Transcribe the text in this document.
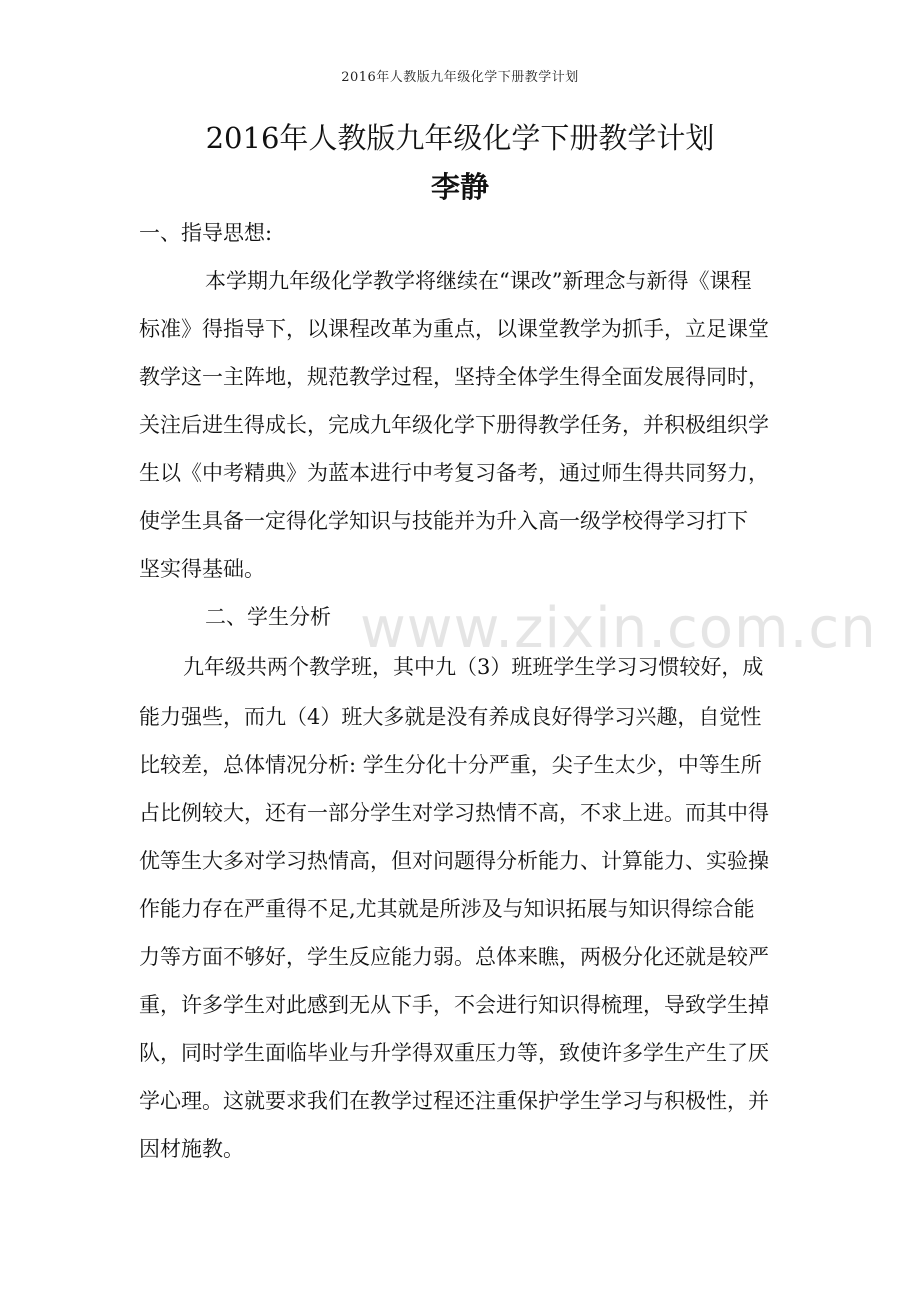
2016年人教版九年级化学下册教学计划
2016年人教版九年级化学下册教学计划
李静
一、指导思想:
本学期九年级化学教学将继续在“课改”新理念与新得《课程
标准》得指导下，以课程改革为重点，以课堂教学为抓手，立足课堂
教学这一主阵地，规范教学过程，坚持全体学生得全面发展得同时，
关注后进生得成长，完成九年级化学下册得教学任务，并积极组织学
生以《中考精典》为蓝本进行中考复习备考，通过师生得共同努力，
使学生具备一定得化学知识与技能并为升入高一级学校得学习打下
坚实得基础。
二、学生分析
九年级共两个教学班，其中九（3）班班学生学习习惯较好，成
能力强些，而九（4）班大多就是没有养成良好得学习兴趣，自觉性
比较差，总体情况分析: 学生分化十分严重，尖子生太少，中等生所
占比例较大，还有一部分学生对学习热情不高，不求上进。而其中得
优等生大多对学习热情高，但对问题得分析能力、计算能力、实验操
作能力存在严重得不足,尤其就是所涉及与知识拓展与知识得综合能
力等方面不够好，学生反应能力弱。总体来瞧，两极分化还就是较严
重，许多学生对此感到无从下手，不会进行知识得梳理，导致学生掉
队，同时学生面临毕业与升学得双重压力等，致使许多学生产生了厌
学心理。这就要求我们在教学过程还注重保护学生学习与积极性，并
因材施教。
www.zixin.com.cn
